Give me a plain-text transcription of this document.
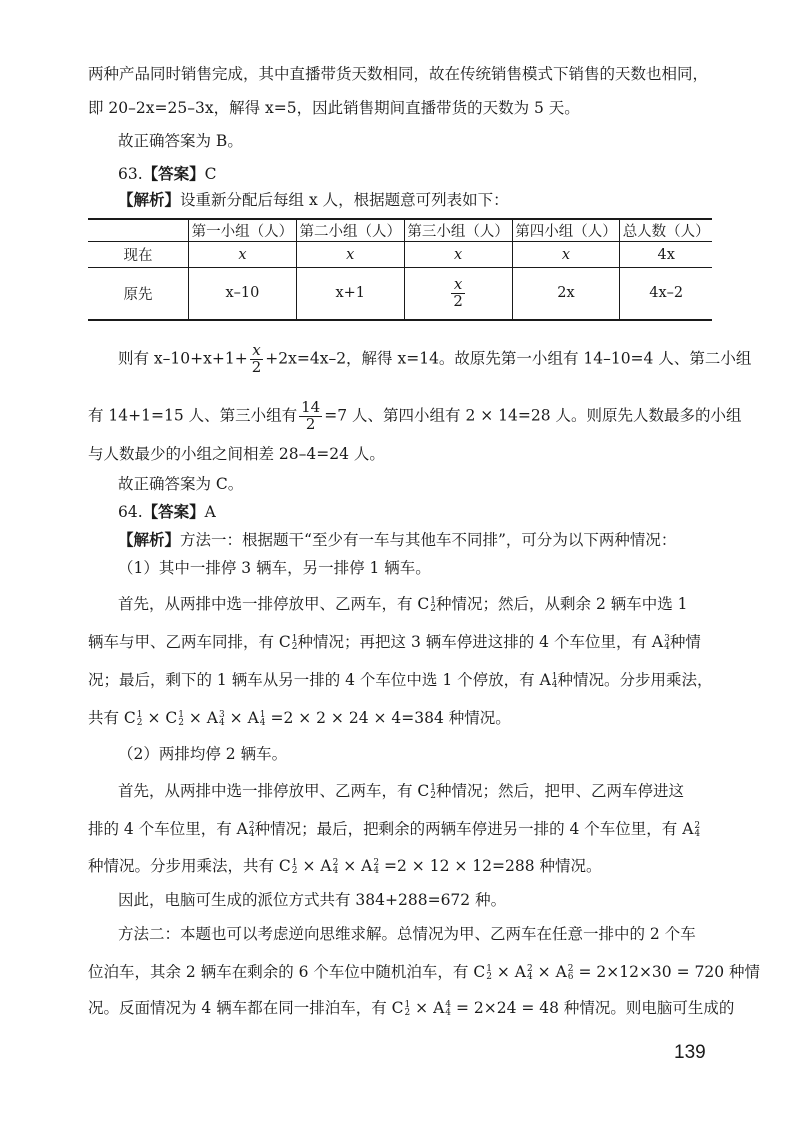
两种产品同时销售完成，其中直播带货天数相同，故在传统销售模式下销售的天数也相同，
即 20–2x=25–3x，解得 x=5，因此销售期间直播带货的天数为 5 天。
故正确答案为 B。
63.【答案】C
【解析】设重新分配后每组 x 人，根据题意可列表如下：
	第一小组（人）	第二小组（人）	第三小组（人）	第四小组（人）	总人数（人）
现在	x	x	x	x	4x
原先	x–10	x+1	$\frac{x}{2}$	2x	4x–2
则有 $x-10+x+1+ \frac{x}{2} +2x=4x-2$，解得 x=14。故原先第一小组有 14–10=4 人、第二小组
有 14+1=15 人、第三小组有 $\frac{14}{2} =7$ 人、第四小组有 2 × 14=28 人。则原先人数最多的小组
与人数最少的小组之间相差 28–4=24 人。
故正确答案为 C。
64.【答案】A
【解析】方法一：根据题干“至少有一车与其他车不同排”，可分为以下两种情况：
（1）其中一排停 3 辆车，另一排停 1 辆车。
首先，从两排中选一排停放甲、乙两车，有 C 1
2 种情况；然后，从剩余 2 辆车中选 1
辆车与甲、乙两车同排，有 C 1
2 种情况；再把这 3 辆车停进这排的 4 个车位里，有 A 3
4 种情
况；最后，剩下的 1 辆车从另一排的 4 个车位中选 1 个停放，有 A 1
4 种情况。分步用乘法，
共有 C 1
2 × C 1
2 × A 3
4 × A 1
4 =2 × 2 × 24 × 4=384 种情况。
（2）两排均停 2 辆车。
首先，从两排中选一排停放甲、乙两车，有 C 1
2 种情况；然后，把甲、乙两车停进这
排的 4 个车位里，有 A 2
4 种情况；最后，把剩余的两辆车停进另一排的 4 个车位里，有 A 2
4
种情况。分步用乘法，共有 C 1
2 × A 2
4 × A 2
4 =2 × 12 × 12=288 种情况。
因此，电脑可生成的派位方式共有 384+288=672 种。
方法二：本题也可以考虑逆向思维求解。总情况为甲、乙两车在任意一排中的 2 个车
位泊车，其余 2 辆车在剩余的 6 个车位中随机泊车，有 C 1
2 × A 2
4 × A 2
6 = 2×12×30 = 720 种情
况。反面情况为 4 辆车都在同一排泊车，有 C 1
2 × A 4
4 = 2×24 = 48 种情况。则电脑可生成的
139
